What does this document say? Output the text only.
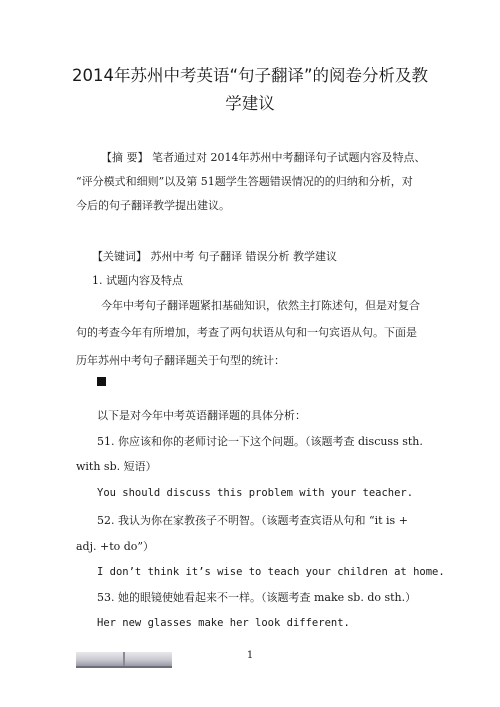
2014年苏州中考英语“句子翻译”的阅卷分析及教
学建议
【摘 要】 笔者通过对 2014年苏州中考翻译句子试题内容及特点、
“评分模式和细则”以及第 51题学生答题错误情况的的归纳和分析，对
今后的句子翻译教学提出建议。
【关键词】 苏州中考 句子翻译 错误分析 教学建议
1. 试题内容及特点
今年中考句子翻译题紧扣基础知识，依然主打陈述句，但是对复合
句的考查今年有所增加，考查了两句状语从句和一句宾语从句。下面是
历年苏州中考句子翻译题关于句型的统计：
以下是对今年中考英语翻译题的具体分析：
51. 你应该和你的老师讨论一下这个问题。（该题考查 discuss sth.
with sb. 短语）
You should discuss this problem with your teacher.
52. 我认为你在家教孩子不明智。（该题考查宾语从句和 “it is +
adj. +to do”）
I don’t think it’s wise to teach your children at home.
53. 她的眼镜使她看起来不一样。（该题考查 make sb. do sth.）
Her new glasses make her look different.
1
